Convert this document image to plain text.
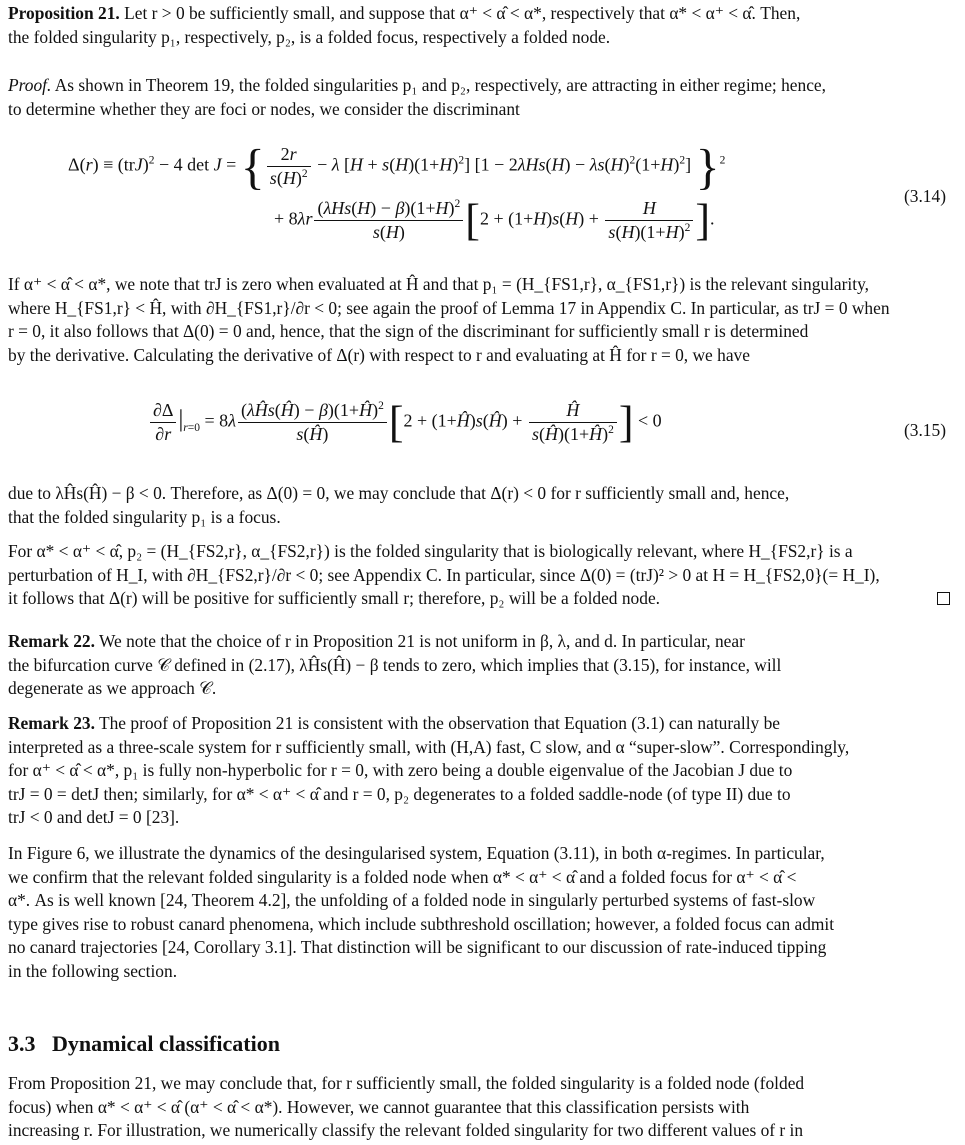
Proposition 21. Let r > 0 be sufficiently small, and suppose that α⁺ < α̂ < α*, respectively that α* < α⁺ < α̂. Then,

the folded singularity p₁, respectively, p₂, is a folded focus, respectively a folded node.

Proof. As shown in Theorem 19, the folded singularities p₁ and p₂, respectively, are attracting in either regime; hence,

to determine whether they are foci or nodes, we consider the discriminant

Δ(r) ≡ (trJ)$^2$ − 4 det J = { $\frac{2r}{s(H)^2} - \lambda$ $[H + s(H)(1+H)^2]$ $[1 - 2\lambda Hs(H) - \lambda s(H)^2(1+H)^2]$ }$^2$
+ $8\lambda r \frac{(\lambda Hs(H) - \beta)(1+H)^2}{s(H)} [2 + (1+H)s(H) + \frac{H}{s(H)(1+H)^2}$ ].
(3.14)

If α⁺ < α̂ < α*, we note that trJ is zero when evaluated at Ĥ and that p₁ = (H_{FS1,r}, α_{FS1,r}) is the relevant singularity,

where H_{FS1,r} < Ĥ, with ∂H_{FS1,r}/∂r < 0; see again the proof of Lemma 17 in Appendix C. In particular, as trJ = 0 when

r = 0, it also follows that Δ(0) = 0 and, hence, that the sign of the discriminant for sufficiently small r is determined

by the derivative. Calculating the derivative of Δ(r) with respect to r and evaluating at Ĥ for r = 0, we have

$\frac{\partial\Delta}{\partial r} |_{r=0} = 8\lambda \frac{(\lambda Ĥs(Ĥ) - \beta)(1+Ĥ)^2}{s(Ĥ)} [2$ + (1+Ĥ)s(Ĥ) + $\frac{Ĥ}{s(Ĥ)(1+Ĥ)^2}$ ] < 0	(3.15)

due to λĤs(Ĥ) − β < 0. Therefore, as Δ(0) = 0, we may conclude that Δ(r) < 0 for r sufficiently small and, hence,

that the folded singularity p₁ is a focus.

For α* < α⁺ < α̂, p₂ = (H_{FS2,r}, α_{FS2,r}) is the folded singularity that is biologically relevant, where H_{FS2,r} is a

perturbation of H_I, with ∂H_{FS2,r}/∂r < 0; see Appendix C. In particular, since Δ(0) = (trJ)² > 0 at H = H_{FS2,0}(= H_I),

it follows that Δ(r) will be positive for sufficiently small r; therefore, p₂ will be a folded node.

Remark 22. We note that the choice of r in Proposition 21 is not uniform in β, λ, and d. In particular, near

the bifurcation curve 𝒞 defined in (2.17), λĤs(Ĥ) − β tends to zero, which implies that (3.15), for instance, will

degenerate as we approach 𝒞.

Remark 23. The proof of Proposition 21 is consistent with the observation that Equation (3.1) can naturally be

interpreted as a three-scale system for r sufficiently small, with (H,A) fast, C slow, and α “super-slow”. Correspondingly,

for α⁺ < α̂ < α*, p₁ is fully non-hyperbolic for r = 0, with zero being a double eigenvalue of the Jacobian J due to

trJ = 0 = detJ then; similarly, for α* < α⁺ < α̂ and r = 0, p₂ degenerates to a folded saddle-node (of type II) due to

trJ < 0 and detJ = 0 [23].

In Figure 6, we illustrate the dynamics of the desingularised system, Equation (3.11), in both α-regimes. In particular,

we confirm that the relevant folded singularity is a folded node when α* < α⁺ < α̂ and a folded focus for α⁺ < α̂ <

α*. As is well known [24, Theorem 4.2], the unfolding of a folded node in singularly perturbed systems of fast-slow

type gives rise to robust canard phenomena, which include subthreshold oscillation; however, a folded focus can admit

no canard trajectories [24, Corollary 3.1]. That distinction will be significant to our discussion of rate-induced tipping

in the following section.

3.3 Dynamical classification

From Proposition 21, we may conclude that, for r sufficiently small, the folded singularity is a folded node (folded

focus) when α* < α⁺ < α̂ (α⁺ < α̂ < α*). However, we cannot guarantee that this classification persists with

increasing r. For illustration, we numerically classify the relevant folded singularity for two different values of r in
